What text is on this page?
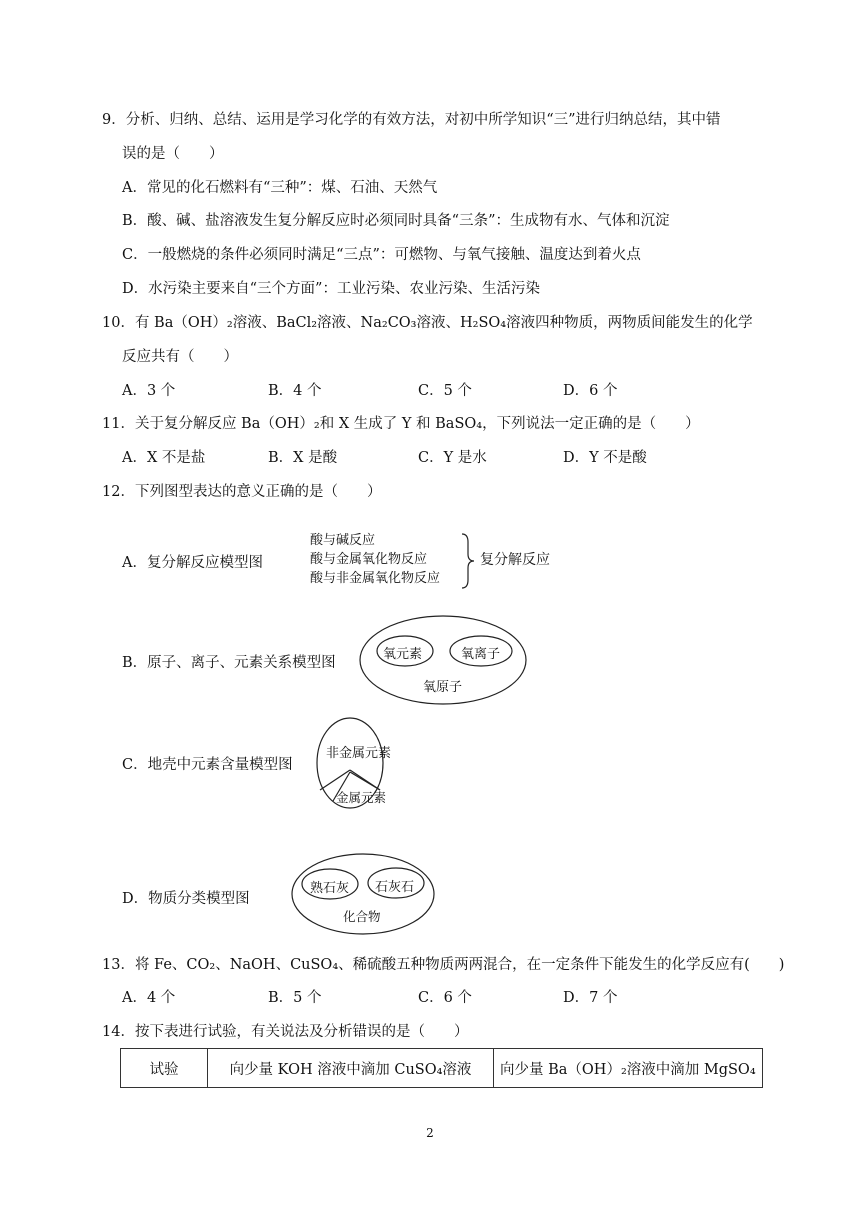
9．分析、归纳、总结、运用是学习化学的有效方法，对初中所学知识“三”进行归纳总结，其中错
误的是（　　）
A．常见的化石燃料有“三种”：煤、石油、天然气
B．酸、碱、盐溶液发生复分解反应时必须同时具备“三条”：生成物有水、气体和沉淀
C．一般燃烧的条件必须同时满足“三点”：可燃物、与氧气接触、温度达到着火点
D．水污染主要来自“三个方面”：工业污染、农业污染、生活污染
10．有 Ba（OH）₂溶液、BaCl₂溶液、Na₂CO₃溶液、H₂SO₄溶液四种物质，两物质间能发生的化学
反应共有（　　）
A．3 个	B．4 个	C．5 个	D．6 个
11．关于复分解反应 Ba（OH）₂和 X 生成了 Y 和 BaSO₄，下列说法一定正确的是（　　）
A．X 不是盐	B．X 是酸	C．Y 是水	D．Y 不是酸
12．下列图型表达的意义正确的是（　　）
A．复分解反应模型图
酸与碱反应
酸与金属氧化物反应
酸与非金属氧化物反应
复分解反应
B．原子、离子、元素关系模型图
氧元素	氧离子
氧原子
C．地壳中元素含量模型图
非金属元素
金属元素
D．物质分类模型图
熟石灰 石灰石
化合物
13．将 Fe、CO₂、NaOH、CuSO₄、稀硫酸五种物质两两混合，在一定条件下能发生的化学反应有(　　)
A．4 个	B．5 个	C．6 个	D．7 个
14．按下表进行试验，有关说法及分析错误的是（　　）
试验	向少量 KOH 溶液中滴加 CuSO₄溶液	向少量 Ba（OH）₂溶液中滴加 MgSO₄
2
